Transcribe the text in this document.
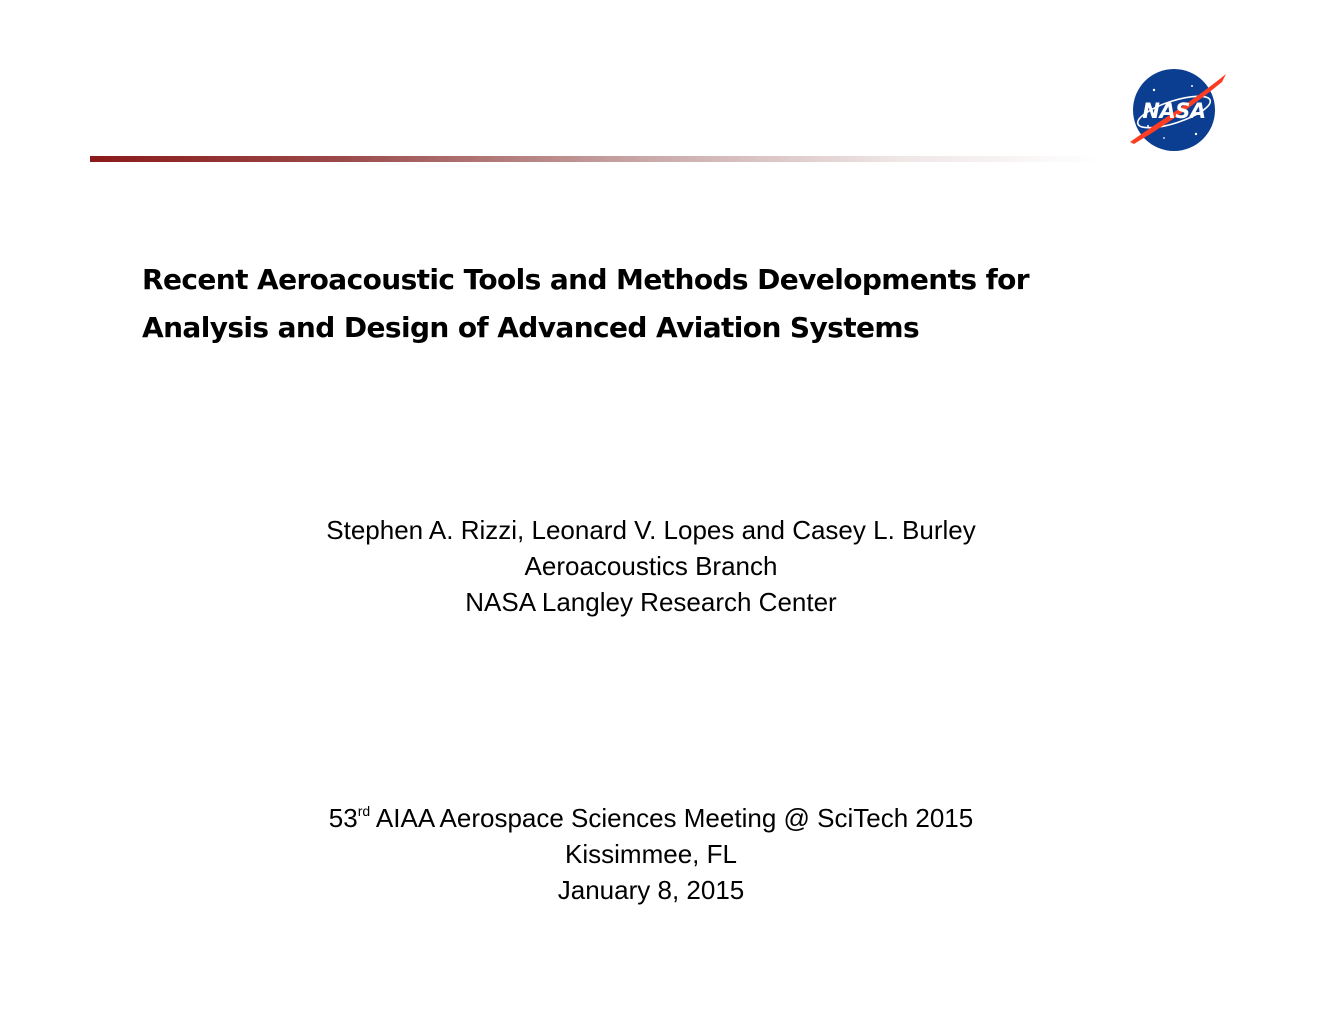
NASA
Recent Aeroacoustic Tools and Methods Developments for
Analysis and Design of Advanced Aviation Systems
Stephen A. Rizzi, Leonard V. Lopes and Casey L. Burley
Aeroacoustics Branch
NASA Langley Research Center
53rd AIAA Aerospace Sciences Meeting @ SciTech 2015
Kissimmee, FL
January 8, 2015
